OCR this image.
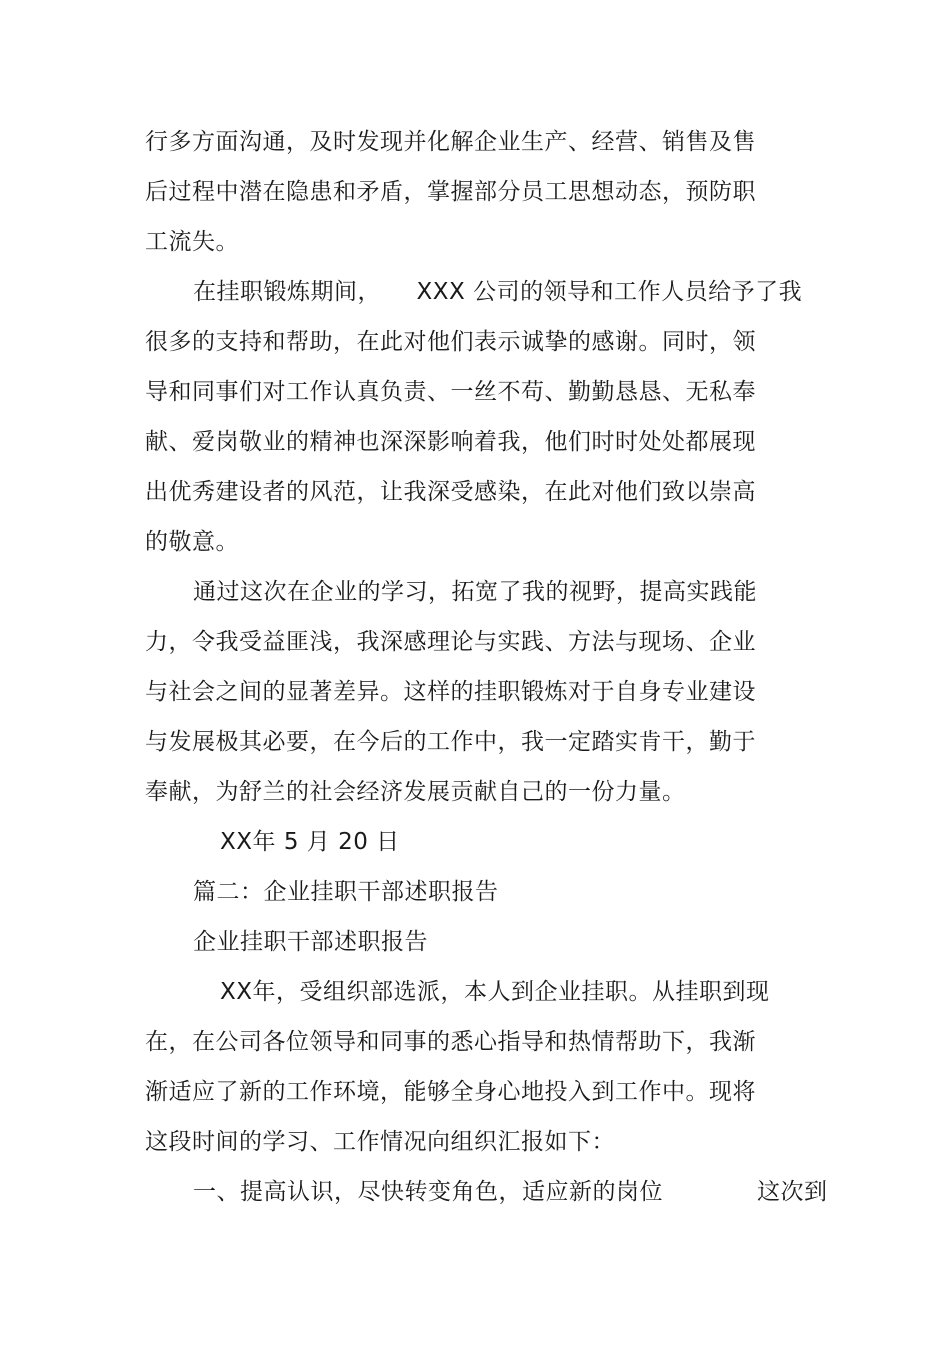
行多方面沟通，及时发现并化解企业生产、经营、销售及售
后过程中潜在隐患和矛盾，掌握部分员工思想动态，预防职
工流失。
在挂职锻炼期间，　　XXX 公司的领导和工作人员给予了我
很多的支持和帮助，在此对他们表示诚挚的感谢。同时，领
导和同事们对工作认真负责、一丝不苟、勤勤恳恳、无私奉
献、爱岗敬业的精神也深深影响着我，他们时时处处都展现
出优秀建设者的风范，让我深受感染，在此对他们致以崇高
的敬意。
通过这次在企业的学习，拓宽了我的视野，提高实践能
力，令我受益匪浅，我深感理论与实践、方法与现场、企业
与社会之间的显著差异。这样的挂职锻炼对于自身专业建设
与发展极其必要，在今后的工作中，我一定踏实肯干，勤于
奉献，为舒兰的社会经济发展贡献自己的一份力量。
XX年 5 月 20 日
篇二：企业挂职干部述职报告
企业挂职干部述职报告
XX年，受组织部选派，本人到企业挂职。从挂职到现
在，在公司各位领导和同事的悉心指导和热情帮助下，我渐
渐适应了新的工作环境，能够全身心地投入到工作中。现将
这段时间的学习、工作情况向组织汇报如下：
一、提高认识，尽快转变角色，适应新的岗位　　　　这次到
